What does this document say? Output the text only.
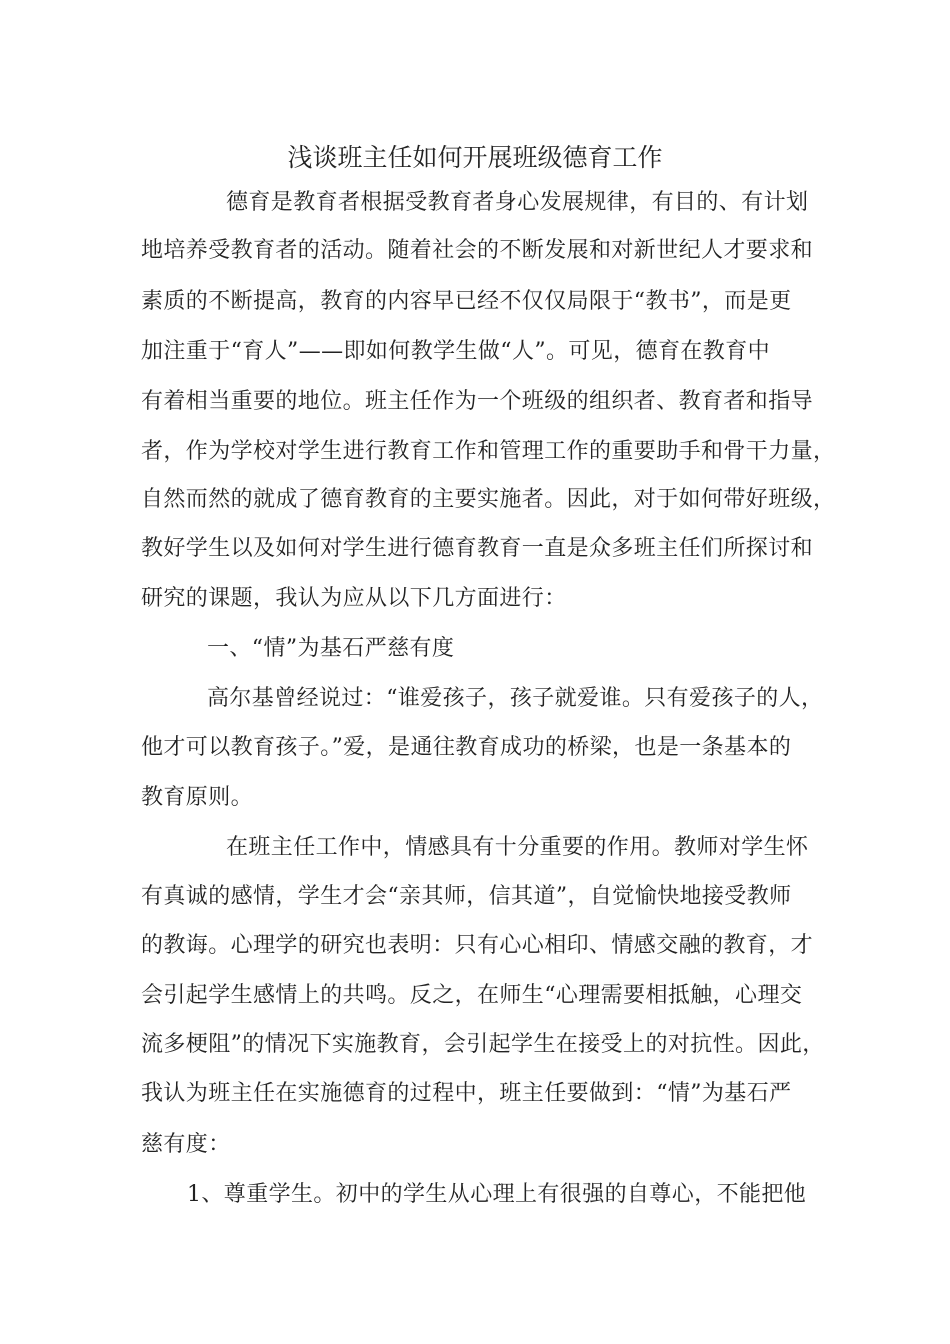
浅谈班主任如何开展班级德育工作
德育是教育者根据受教育者身心发展规律，有目的、有计划
地培养受教育者的活动。随着社会的不断发展和对新世纪人才要求和
素质的不断提高，教育的内容早已经不仅仅局限于“教书”，而是更
加注重于“育人”——即如何教学生做“人”。可见，德育在教育中
有着相当重要的地位。班主任作为一个班级的组织者、教育者和指导
者，作为学校对学生进行教育工作和管理工作的重要助手和骨干力量，
自然而然的就成了德育教育的主要实施者。因此，对于如何带好班级，
教好学生以及如何对学生进行德育教育一直是众多班主任们所探讨和
研究的课题，我认为应从以下几方面进行：
一、“情”为基石严慈有度
高尔基曾经说过：“谁爱孩子，孩子就爱谁。只有爱孩子的人，
他才可以教育孩子。”爱，是通往教育成功的桥梁，也是一条基本的
教育原则。
在班主任工作中，情感具有十分重要的作用。教师对学生怀
有真诚的感情，学生才会“亲其师，信其道”，自觉愉快地接受教师
的教诲。心理学的研究也表明：只有心心相印、情感交融的教育，才
会引起学生感情上的共鸣。反之，在师生“心理需要相抵触，心理交
流多梗阻”的情况下实施教育，会引起学生在接受上的对抗性。因此，
我认为班主任在实施德育的过程中，班主任要做到：“情”为基石严
慈有度：
1、尊重学生。初中的学生从心理上有很强的自尊心，不能把他
